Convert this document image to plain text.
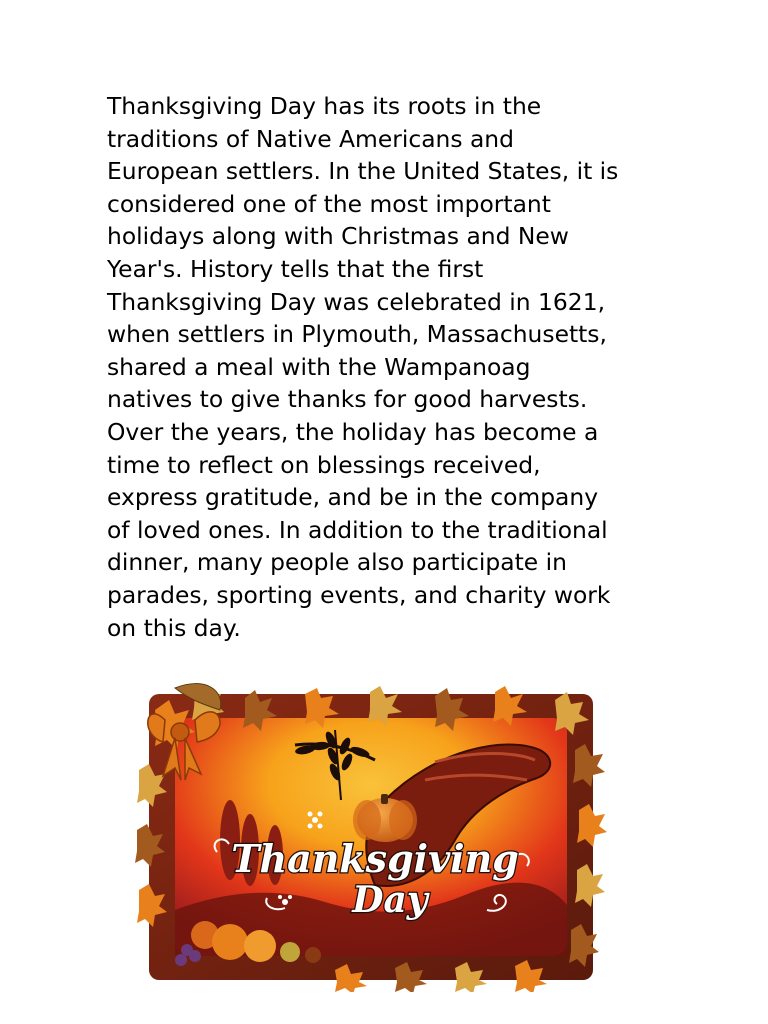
Thanksgiving Day has its roots in the
traditions of Native Americans and
European settlers. In the United States, it is
considered one of the most important
holidays along with Christmas and New
Year's. History tells that the first
Thanksgiving Day was celebrated in 1621,
when settlers in Plymouth, Massachusetts,
shared a meal with the Wampanoag
natives to give thanks for good harvests.
Over the years, the holiday has become a
time to reflect on blessings received,
express gratitude, and be in the company
of loved ones. In addition to the traditional
dinner, many people also participate in
parades, sporting events, and charity work
on this day.
Thanksgiving
Day
